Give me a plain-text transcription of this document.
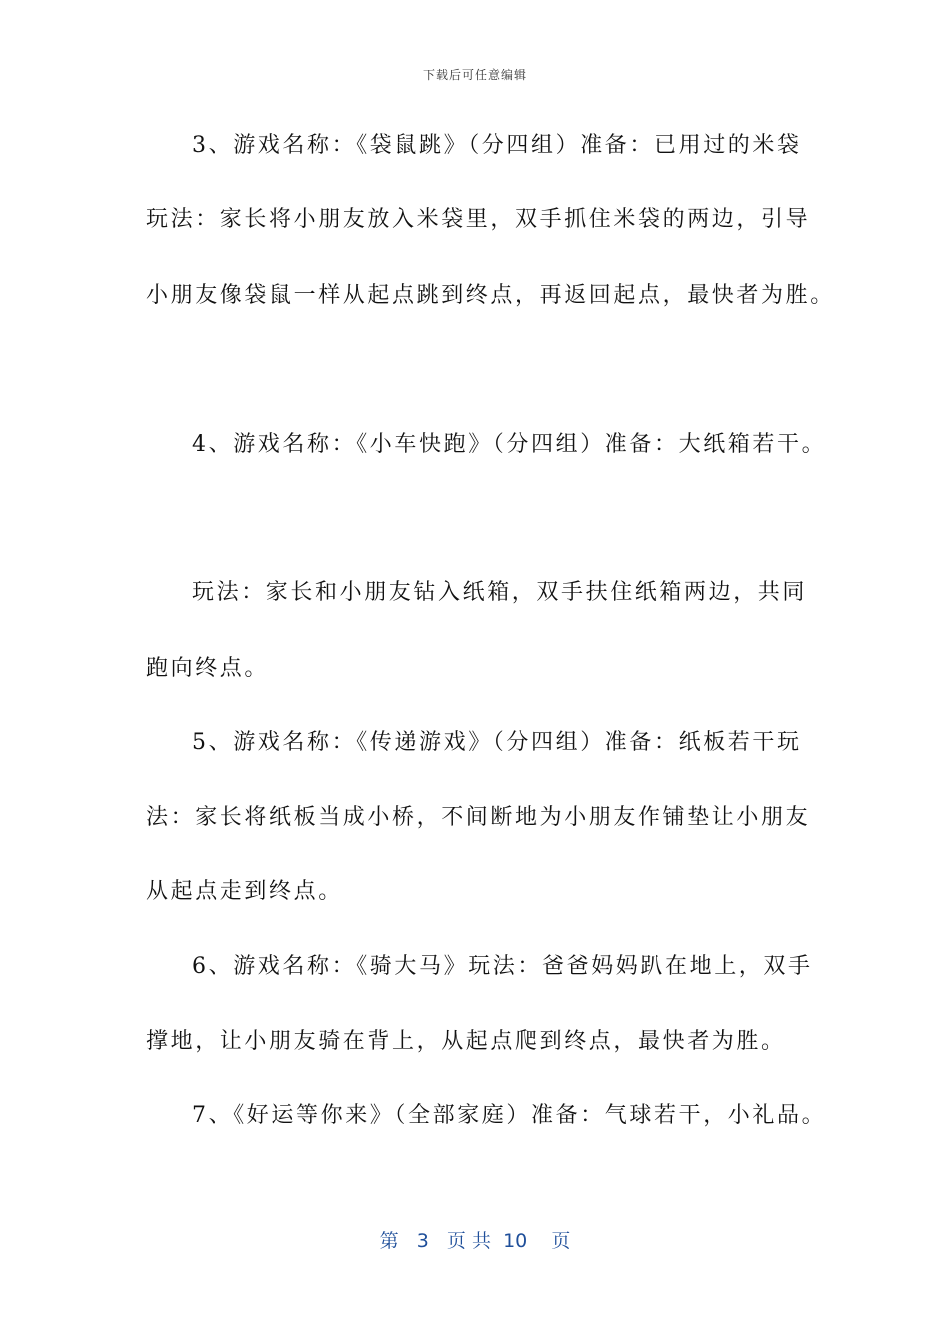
下载后可任意编辑
3、游戏名称：《袋鼠跳》（分四组）准备：已用过的米袋
玩法：家长将小朋友放入米袋里，双手抓住米袋的两边，引导
小朋友像袋鼠一样从起点跳到终点，再返回起点，最快者为胜。
4、游戏名称：《小车快跑》（分四组）准备：大纸箱若干。
玩法：家长和小朋友钻入纸箱，双手扶住纸箱两边，共同
跑向终点。
5、游戏名称：《传递游戏》（分四组）准备：纸板若干玩
法：家长将纸板当成小桥，不间断地为小朋友作铺垫让小朋友
从起点走到终点。
6、游戏名称：《骑大马》玩法：爸爸妈妈趴在地上，双手
撑地，让小朋友骑在背上，从起点爬到终点，最快者为胜。
7、《好运等你来》（全部家庭）准备：气球若干，小礼品。
第 3 页 共 10 页
